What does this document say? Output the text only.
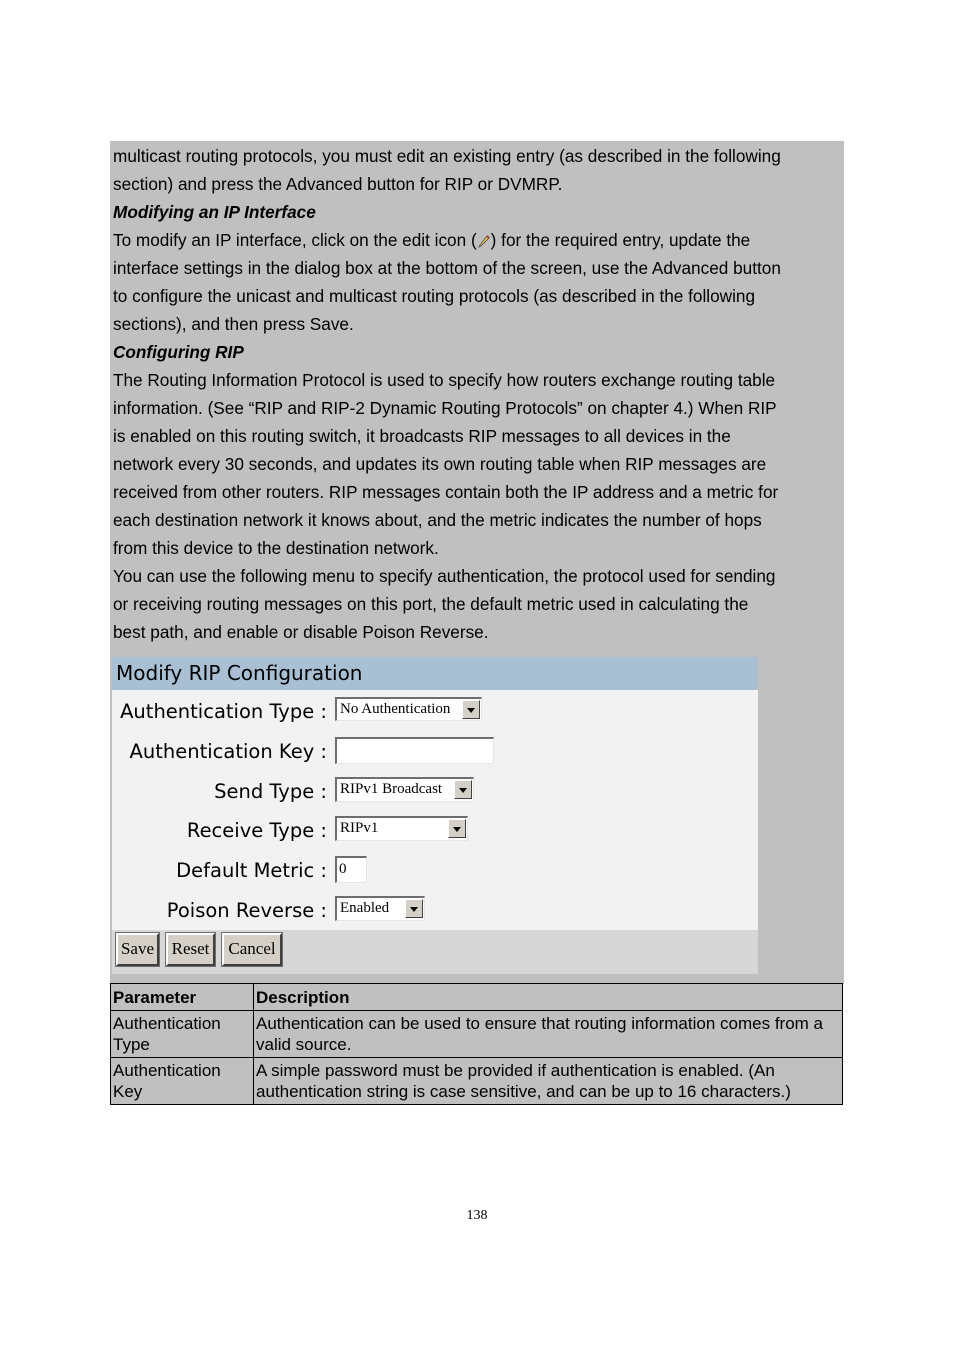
multicast routing protocols, you must edit an existing entry (as described in the following

section) and press the Advanced button for RIP or DVMRP.

Modifying an IP Interface

To modify an IP interface, click on the edit icon ( ) for the required entry, update the

interface settings in the dialog box at the bottom of the screen, use the Advanced button

to configure the unicast and multicast routing protocols (as described in the following

sections), and then press Save.

Configuring RIP

The Routing Information Protocol is used to specify how routers exchange routing table

information. (See “RIP and RIP-2 Dynamic Routing Protocols” on chapter 4.) When RIP

is enabled on this routing switch, it broadcasts RIP messages to all devices in the

network every 30 seconds, and updates its own routing table when RIP messages are

received from other routers. RIP messages contain both the IP address and a metric for

each destination network it knows about, and the metric indicates the number of hops

from this device to the destination network.

You can use the following menu to specify authentication, the protocol used for sending

or receiving routing messages on this port, the default metric used in calculating the

best path, and enable or disable Poison Reverse.

Modify RIP Configuration
Authentication Type : No Authentication
Authentication Key :
Send Type : RIPv1 Broadcast
Receive Type : RIPv1
Default Metric : 0
Poison Reverse : Enabled
Save	Reset	Cancel
Parameter	Description
Authentication Type	Authentication can be used to ensure that routing information comes from a valid source.
Authentication Key	A simple password must be provided if authentication is enabled. (An authentication string is case sensitive, and can be up to 16 characters.)
138
